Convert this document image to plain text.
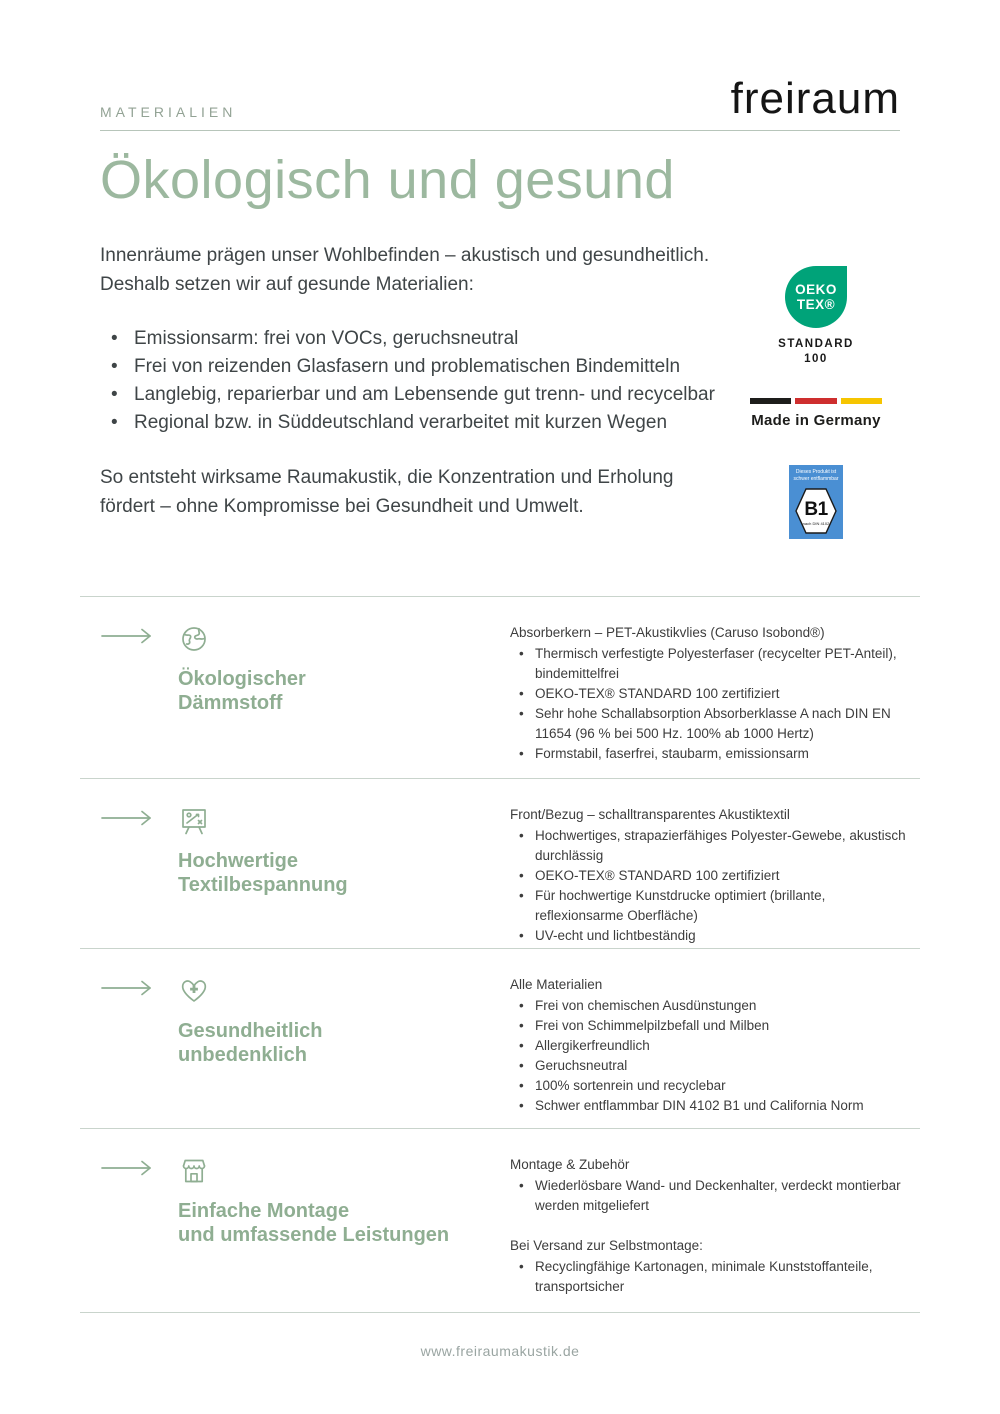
MATERIALIEN	freiraum
Ökologisch und gesund

Innenräume prägen unser Wohlbefinden – akustisch und gesundheitlich. Deshalb setzen wir auf gesunde Materialien:

• Emissionsarm: frei von VOCs, geruchsneutral
• Frei von reizenden Glasfasern und problematischen Bindemitteln
• Langlebig, reparierbar und am Lebensende gut trenn- und recycelbar
• Regional bzw. in Süddeutschland verarbeitet mit kurzen Wegen

So entsteht wirksame Raumakustik, die Konzentration und Erholung fördert – ohne Kompromisse bei Gesundheit und Umwelt.

OEKO
TEX®
STANDARD
100
Made in Germany
Dieses Produkt ist
schwer entflammbar
B1
nach DIN 4102
Ökologischer
Dämmstoff

Absorberkern – PET-Akustikvlies (Caruso Isobond®)

• Thermisch verfestigte Polyesterfaser (recycelter PET-Anteil), bindemittelfrei
• OEKO-TEX® STANDARD 100 zertifiziert
• Sehr hohe Schallabsorption Absorberklasse A nach DIN EN 11654 (96 % bei 500 Hz. 100% ab 1000 Hertz)
• Formstabil, faserfrei, staubarm, emissionsarm
Hochwertige
Textilbespannung

Front/Bezug – schalltransparentes Akustiktextil

• Hochwertiges, strapazierfähiges Polyester-Gewebe, akustisch durchlässig
• OEKO-TEX® STANDARD 100 zertifiziert
• Für hochwertige Kunstdrucke optimiert (brillante, reflexionsarme Oberfläche)
• UV-echt und lichtbeständig
Gesundheitlich
unbedenklich

Alle Materialien

• Frei von chemischen Ausdünstungen
• Frei von Schimmelpilzbefall und Milben
• Allergikerfreundlich
• Geruchsneutral
• 100% sortenrein und recyclebar
• Schwer entflammbar DIN 4102 B1 und California Norm
Einfache Montage
und umfassende Leistungen

Montage & Zubehör

• Wiederlösbare Wand- und Deckenhalter, verdeckt montierbar werden mitgeliefert

Bei Versand zur Selbstmontage:

• Recyclingfähige Kartonagen, minimale Kunststoffanteile, transportsicher
www.freiraumakustik.de
